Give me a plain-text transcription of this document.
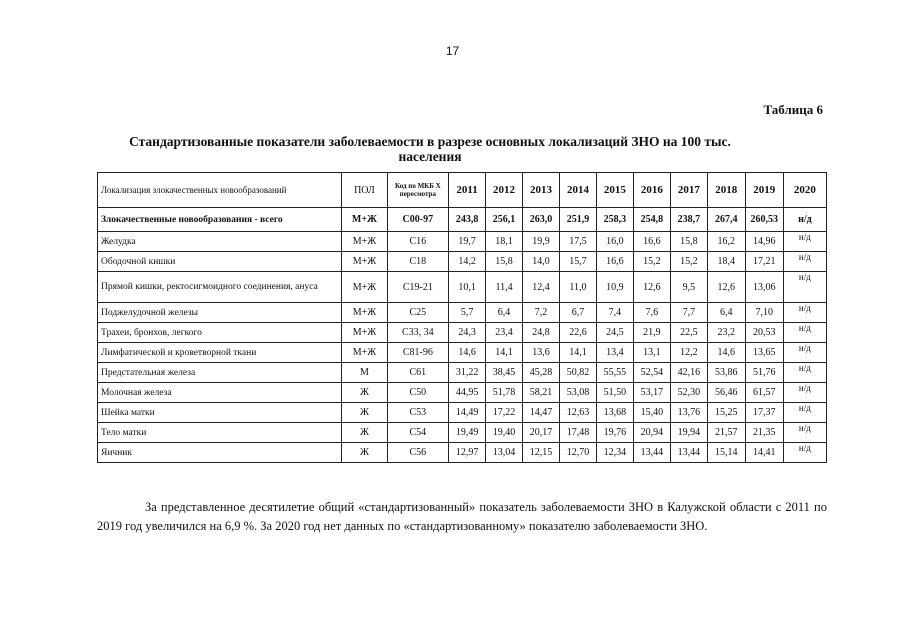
17
Таблица 6
Стандартизованные показатели заболеваемости в разрезе основных локализаций ЗНО на 100 тыс. населения
Локализация злокачественных новообразований	ПОЛ	Код по МКБ X пересмотра	2011	2012	2013	2014	2015	2016	2017	2018	2019	2020
Злокачественные новообразования - всего	М+Ж	C00-97	243,8	256,1	263,0	251,9	258,3	254,8	238,7	267,4	260,53	н/д
Желудка	М+Ж	C16	19,7	18,1	19,9	17,5	16,0	16,6	15,8	16,2	14,96	н/д
Ободочной кишки	М+Ж	C18	14,2	15,8	14,0	15,7	16,6	15,2	15,2	18,4	17,21	н/д
Прямой кишки, ректосигмоидного соединения, ануса	М+Ж	C19-21	10,1	11,4	12,4	11,0	10,9	12,6	9,5	12,6	13,06	н/д
Поджелудочной железы	М+Ж	C25	5,7	6,4	7,2	6,7	7,4	7,6	7,7	6,4	7,10	н/д
Трахеи, бронхов, легкого	М+Ж	C33, 34	24,3	23,4	24,8	22,6	24,5	21,9	22,5	23,2	20,53	н/д
Лимфатической и кроветворной ткани	М+Ж	C81-96	14,6	14,1	13,6	14,1	13,4	13,1	12,2	14,6	13,65	н/д
Предстательная железа	М	C61	31,22	38,45	45,28	50,82	55,55	52,54	42,16	53,86	51,76	н/д
Молочная железа	Ж	C50	44,95	51,78	58,21	53,08	51,50	53,17	52,30	56,46	61,57	н/д
Шейка матки	Ж	C53	14,49	17,22	14,47	12,63	13,68	15,40	13,76	15,25	17,37	н/д
Тело матки	Ж	C54	19,49	19,40	20,17	17,48	19,76	20,94	19,94	21,57	21,35	н/д
Яичник	Ж	C56	12,97	13,04	12,15	12,70	12,34	13,44	13,44	15,14	14,41	н/д
За представленное десятилетие общий «стандартизованный» показатель заболеваемости ЗНО в Калужской области с 2011 по 2019 год увеличился на 6,9 %. За 2020 год нет данных по «стандартизованному» показателю заболеваемости ЗНО.
